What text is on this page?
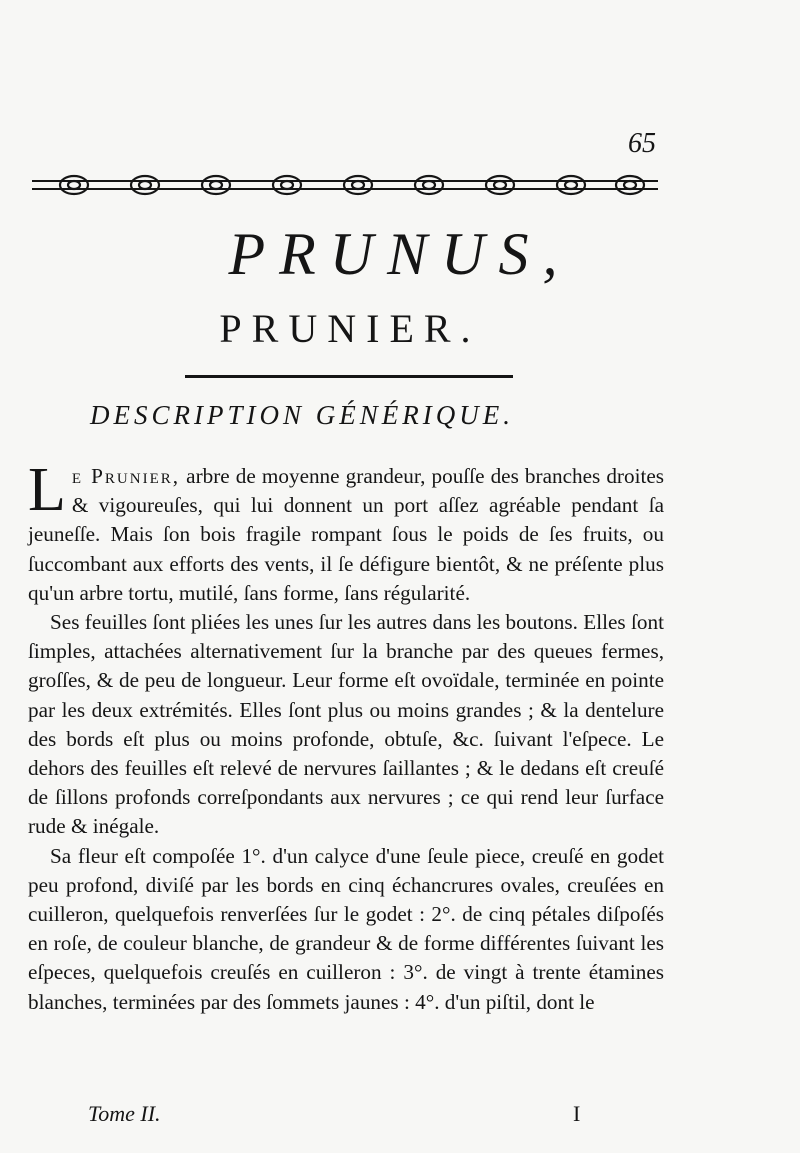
65
PRUNUS,
PRUNIER.
DESCRIPTION GÉNÉRIQUE.

Le Prunier, arbre de moyenne grandeur, pouſſe des branches droites & vigoureuſes, qui lui donnent un port aſſez agréable pendant ſa jeuneſſe. Mais ſon bois fragile rompant ſous le poids de ſes fruits, ou ſuccombant aux efforts des vents, il ſe défigure bientôt, & ne préſente plus qu'un arbre tortu, mutilé, ſans forme, ſans régularité.

Ses feuilles ſont pliées les unes ſur les autres dans les boutons. Elles ſont ſimples, attachées alternativement ſur la branche par des queues fermes, groſſes, & de peu de longueur. Leur forme eſt ovoïdale, terminée en pointe par les deux extrémités. Elles ſont plus ou moins grandes ; & la dentelure des bords eſt plus ou moins profonde, obtuſe, &c. ſuivant l'eſpece. Le dehors des feuilles eſt relevé de nervures ſaillantes ; & le dedans eſt creuſé de ſillons profonds correſpondants aux nervures ; ce qui rend leur ſurface rude & inégale.

Sa fleur eſt compoſée 1°. d'un calyce d'une ſeule piece, creuſé en godet peu profond, diviſé par les bords en cinq échancrures ovales, creuſées en cuilleron, quelquefois renverſées ſur le godet : 2°. de cinq pétales diſpoſés en roſe, de couleur blanche, de grandeur & de forme différentes ſuivant les eſpeces, quelquefois creuſés en cuilleron : 3°. de vingt à trente étamines blanches, terminées par des ſommets jaunes : 4°. d'un piſtil, dont le

Tome II.	I
